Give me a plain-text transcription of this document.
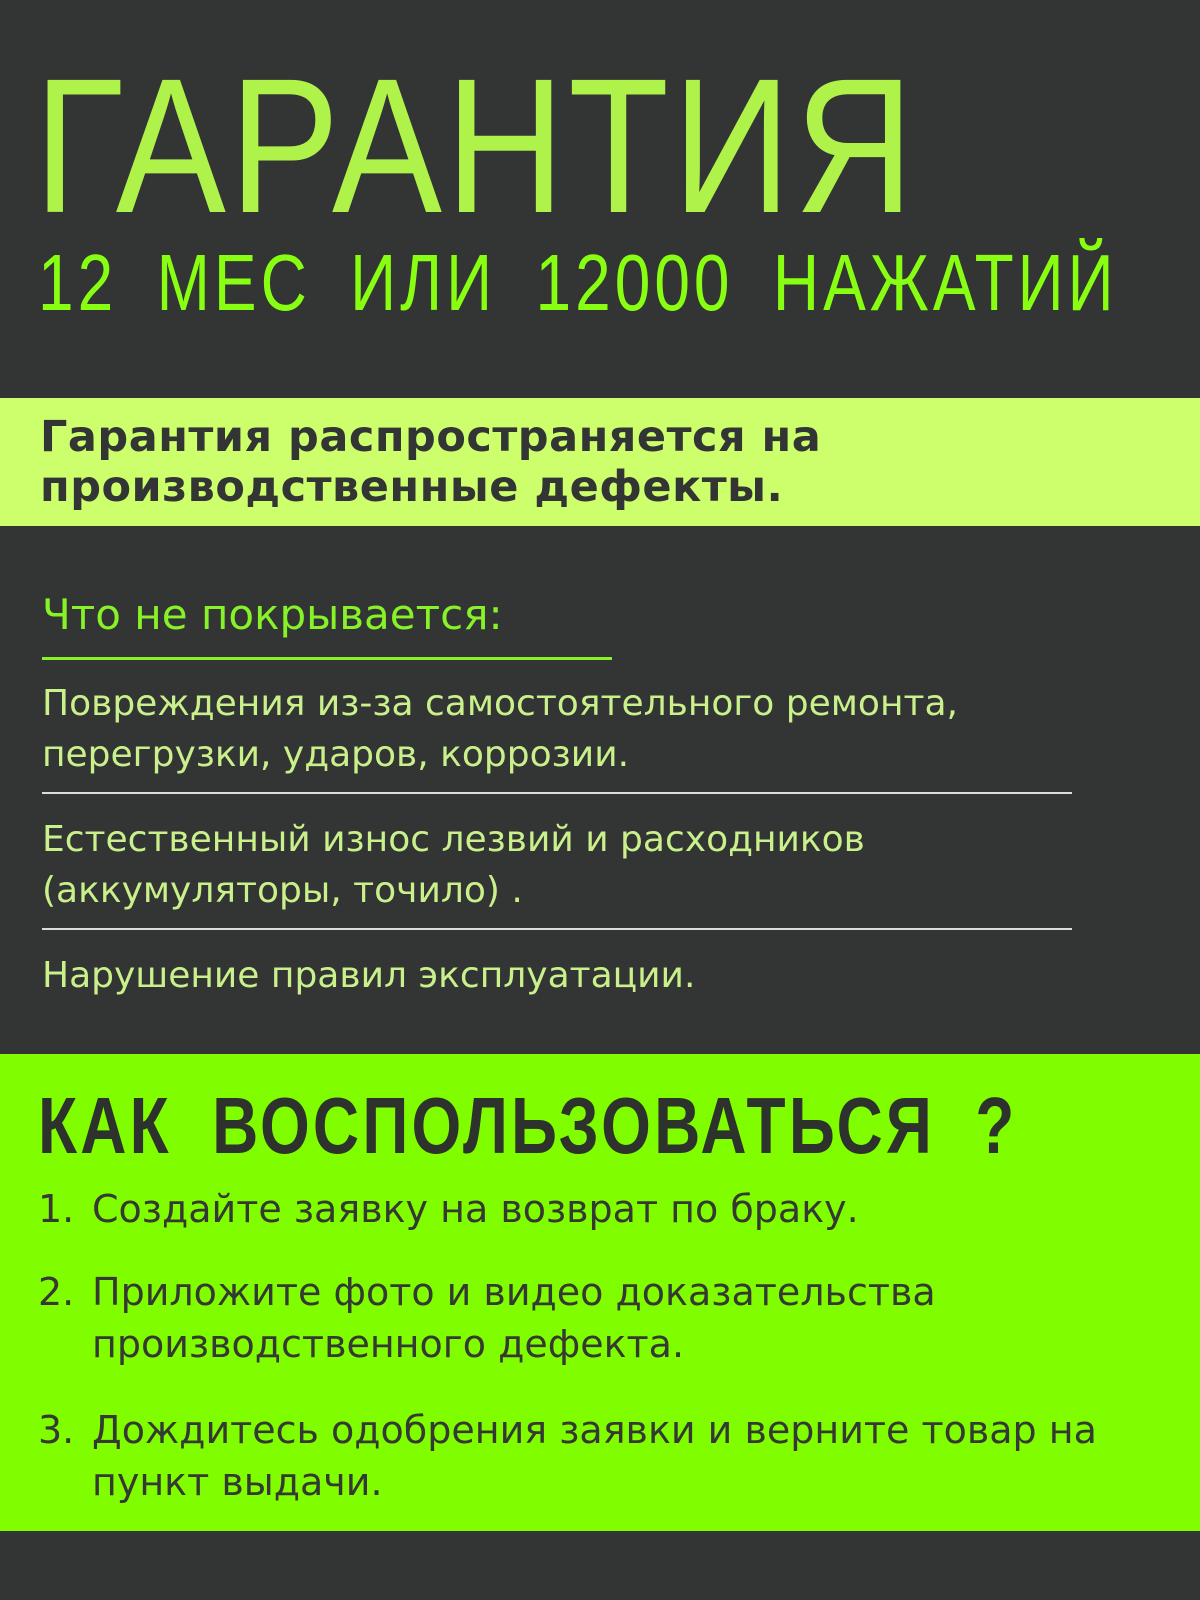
ГАРАНТИЯ

12 МЕС ИЛИ 12000 НАЖАТИЙ

Гарантия распространяется на производственные дефекты.

Что не покрывается:

Повреждения из-за самостоятельного ремонта, перегрузки, ударов, коррозии.

Естественный износ лезвий и расходников (аккумуляторы, точило) .

Нарушение правил эксплуатации.

КАК ВОСПОЛЬЗОВАТЬСЯ ?
1. Создайте заявку на возврат по браку.
2. Приложите фото и видео доказательства производственного дефекта.
3. Дождитесь одобрения заявки и верните товар на пункт выдачи.
